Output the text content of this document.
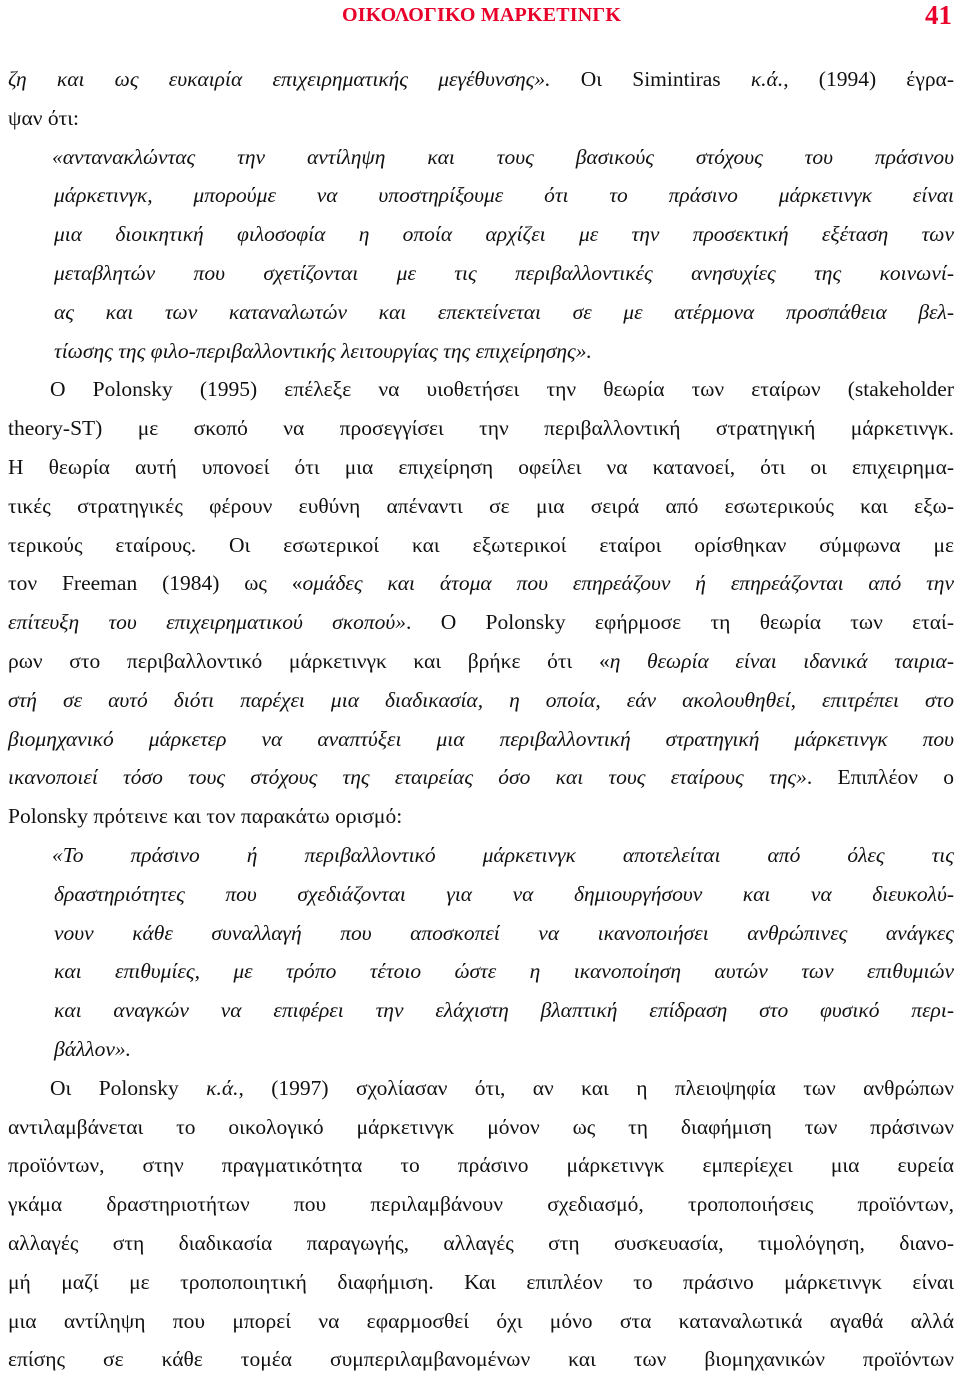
ΟΙΚΟΛΟΓΙΚΟ ΜΑΡΚΕΤΙΝΓΚ	41
ζη και ως ευκαιρία επιχειρηματικής μεγέθυνσης». Οι Simintiras κ.ά., (1994) έγρα-
ψαν ότι:
«αντανακλώντας την αντίληψη και τους βασικούς στόχους του πράσινου
μάρκετινγκ, μπορούμε να υποστηρίξουμε ότι το πράσινο μάρκετινγκ είναι
μια διοικητική φιλοσοφία η οποία αρχίζει με την προσεκτική εξέταση των
μεταβλητών που σχετίζονται με τις περιβαλλοντικές ανησυχίες της κοινωνί-
ας και των καταναλωτών και επεκτείνεται σε με ατέρμονα προσπάθεια βελ-
τίωσης της φιλο-περιβαλλοντικής λειτουργίας της επιχείρησης».
Ο Polonsky (1995) επέλεξε να υιοθετήσει την θεωρία των εταίρων (stakeholder
theory-ST) με σκοπό να προσεγγίσει την περιβαλλοντική στρατηγική μάρκετινγκ.
Η θεωρία αυτή υπονοεί ότι μια επιχείρηση οφείλει να κατανοεί, ότι οι επιχειρημα-
τικές στρατηγικές φέρουν ευθύνη απέναντι σε μια σειρά από εσωτερικούς και εξω-
τερικούς εταίρους. Οι εσωτερικοί και εξωτερικοί εταίροι ορίσθηκαν σύμφωνα με
τον Freeman (1984) ως «ομάδες και άτομα που επηρεάζουν ή επηρεάζονται από την
επίτευξη του επιχειρηματικού σκοπού». Ο Polonsky εφήρμοσε τη θεωρία των εταί-
ρων στο περιβαλλοντικό μάρκετινγκ και βρήκε ότι «η θεωρία είναι ιδανικά ταιρια-
στή σε αυτό διότι παρέχει μια διαδικασία, η οποία, εάν ακολουθηθεί, επιτρέπει στο
βιομηχανικό μάρκετερ να αναπτύξει μια περιβαλλοντική στρατηγική μάρκετινγκ που
ικανοποιεί τόσο τους στόχους της εταιρείας όσο και τους εταίρους της». Επιπλέον ο
Polonsky πρότεινε και τον παρακάτω ορισμό:
«Το πράσινο ή περιβαλλοντικό μάρκετινγκ αποτελείται από όλες τις
δραστηριότητες που σχεδιάζονται για να δημιουργήσουν και να διευκολύ-
νουν κάθε συναλλαγή που αποσκοπεί να ικανοποιήσει ανθρώπινες ανάγκες
και επιθυμίες, με τρόπο τέτοιο ώστε η ικανοποίηση αυτών των επιθυμιών
και αναγκών να επιφέρει την ελάχιστη βλαπτική επίδραση στο φυσικό περι-
βάλλον».
Οι Polonsky κ.ά., (1997) σχολίασαν ότι, αν και η πλειοψηφία των ανθρώπων
αντιλαμβάνεται το οικολογικό μάρκετινγκ μόνον ως τη διαφήμιση των πράσινων
προϊόντων, στην πραγματικότητα το πράσινο μάρκετινγκ εμπερίεχει μια ευρεία
γκάμα δραστηριοτήτων που περιλαμβάνουν σχεδιασμό, τροποποιήσεις προϊόντων,
αλλαγές στη διαδικασία παραγωγής, αλλαγές στη συσκευασία, τιμολόγηση, διανο-
μή μαζί με τροποποιητική διαφήμιση. Και επιπλέον το πράσινο μάρκετινγκ είναι
μια αντίληψη που μπορεί να εφαρμοσθεί όχι μόνο στα καταναλωτικά αγαθά αλλά
επίσης σε κάθε τομέα συμπεριλαμβανομένων και των βιομηχανικών προϊόντων
